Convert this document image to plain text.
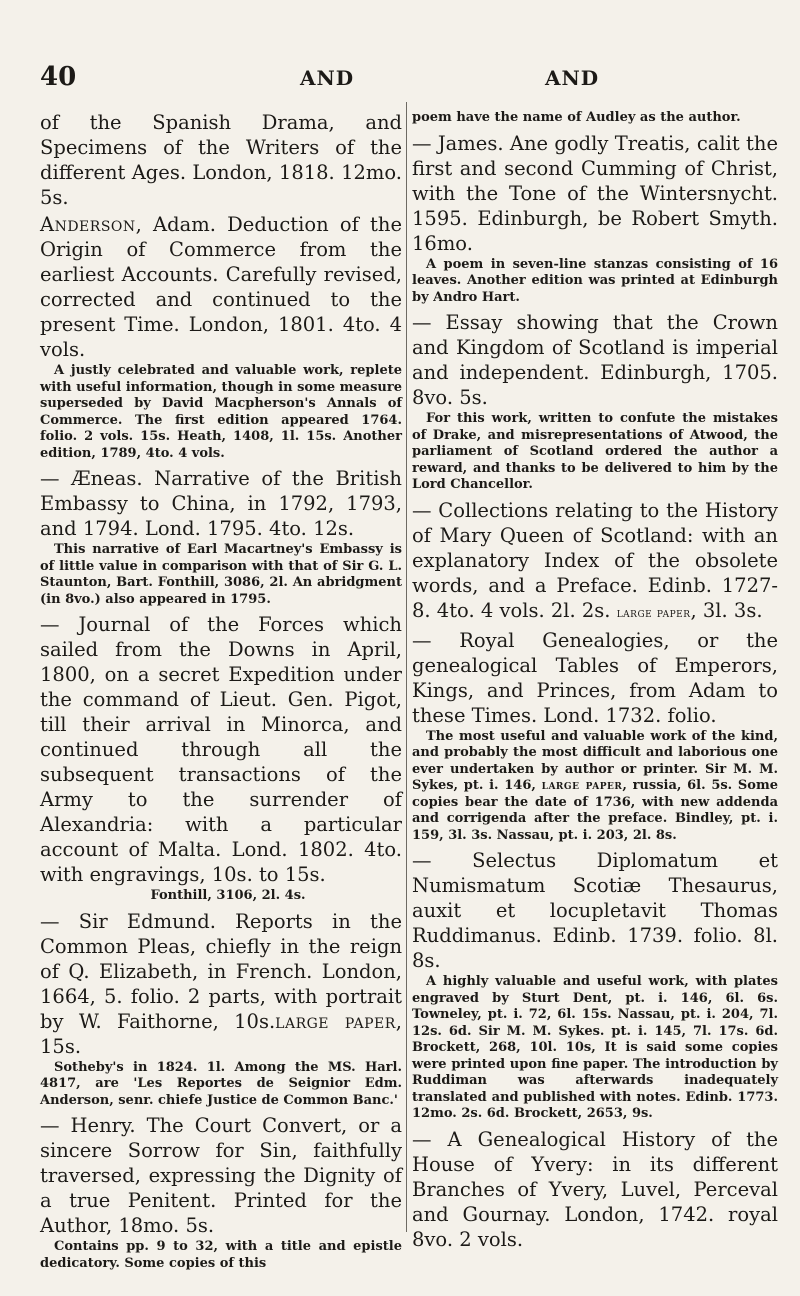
40	AND	AND

of the Spanish Drama, and Specimens of the Writers of the different Ages. London, 1818. 12mo. 5s.

Anderson, Adam. Deduction of the Origin of Commerce from the earliest Accounts. Carefully revised, corrected and continued to the present Time. London, 1801. 4to. 4 vols.

A justly celebrated and valuable work, replete with useful information, though in some measure superseded by David Macpherson's Annals of Commerce. The first edition appeared 1764. folio. 2 vols. 15s. Heath, 1408, 1l. 15s. Another edition, 1789, 4to. 4 vols.

— Æneas. Narrative of the British Embassy to China, in 1792, 1793, and 1794. Lond. 1795. 4to. 12s.

This narrative of Earl Macartney's Embassy is of little value in comparison with that of Sir G. L. Staunton, Bart. Fonthill, 3086, 2l. An abridgment (in 8vo.) also appeared in 1795.

— Journal of the Forces which sailed from the Downs in April, 1800, on a secret Expedition under the command of Lieut. Gen. Pigot, till their arrival in Minorca, and continued through all the subsequent transactions of the Army to the surrender of Alexandria: with a particular account of Malta. Lond. 1802. 4to. with engravings, 10s. to 15s.

Fonthill, 3106, 2l. 4s.

— Sir Edmund. Reports in the Common Pleas, chiefly in the reign of Q. Elizabeth, in French. London, 1664, 5. folio. 2 parts, with portrait by W. Faithorne, 10s.large paper, 15s.

Sotheby's in 1824. 1l. Among the MS. Harl. 4817, are 'Les Reportes de Seignior Edm. Anderson, senr. chiefe Justice de Common Banc.'

— Henry. The Court Convert, or a sincere Sorrow for Sin, faithfully traversed, expressing the Dignity of a true Penitent. Printed for the Author, 18mo. 5s.

Contains pp. 9 to 32, with a title and epistle dedicatory. Some copies of this

poem have the name of Audley as the author.

— James. Ane godly Treatis, calit the first and second Cumming of Christ, with the Tone of the Wintersnycht. 1595. Edinburgh, be Robert Smyth. 16mo.

A poem in seven-line stanzas consisting of 16 leaves. Another edition was printed at Edinburgh by Andro Hart.

— Essay showing that the Crown and Kingdom of Scotland is imperial and independent. Edinburgh, 1705. 8vo. 5s.

For this work, written to confute the mistakes of Drake, and misrepresentations of Atwood, the parliament of Scotland ordered the author a reward, and thanks to be delivered to him by the Lord Chancellor.

— Collections relating to the History of Mary Queen of Scotland: with an explanatory Index of the obsolete words, and a Preface. Edinb. 1727-8. 4to. 4 vols. 2l. 2s. large paper, 3l. 3s.

— Royal Genealogies, or the genealogical Tables of Emperors, Kings, and Princes, from Adam to these Times. Lond. 1732. folio.

The most useful and valuable work of the kind, and probably the most difficult and laborious one ever undertaken by author or printer. Sir M. M. Sykes, pt. i. 146, large paper, russia, 6l. 5s. Some copies bear the date of 1736, with new addenda and corrigenda after the preface. Bindley, pt. i. 159, 3l. 3s. Nassau, pt. i. 203, 2l. 8s.

— Selectus Diplomatum et Numismatum Scotiæ Thesaurus, auxit et locupletavit Thomas Ruddimanus. Edinb. 1739. folio. 8l. 8s.

A highly valuable and useful work, with plates engraved by Sturt Dent, pt. i. 146, 6l. 6s. Towneley, pt. i. 72, 6l. 15s. Nassau, pt. i. 204, 7l. 12s. 6d. Sir M. M. Sykes. pt. i. 145, 7l. 17s. 6d. Brockett, 268, 10l. 10s, It is said some copies were printed upon fine paper. The introduction by Ruddiman was afterwards inadequately translated and published with notes. Edinb. 1773. 12mo. 2s. 6d. Brockett, 2653, 9s.

— A Genealogical History of the House of Yvery: in its different Branches of Yvery, Luvel, Perceval and Gournay. London, 1742. royal 8vo. 2 vols.
